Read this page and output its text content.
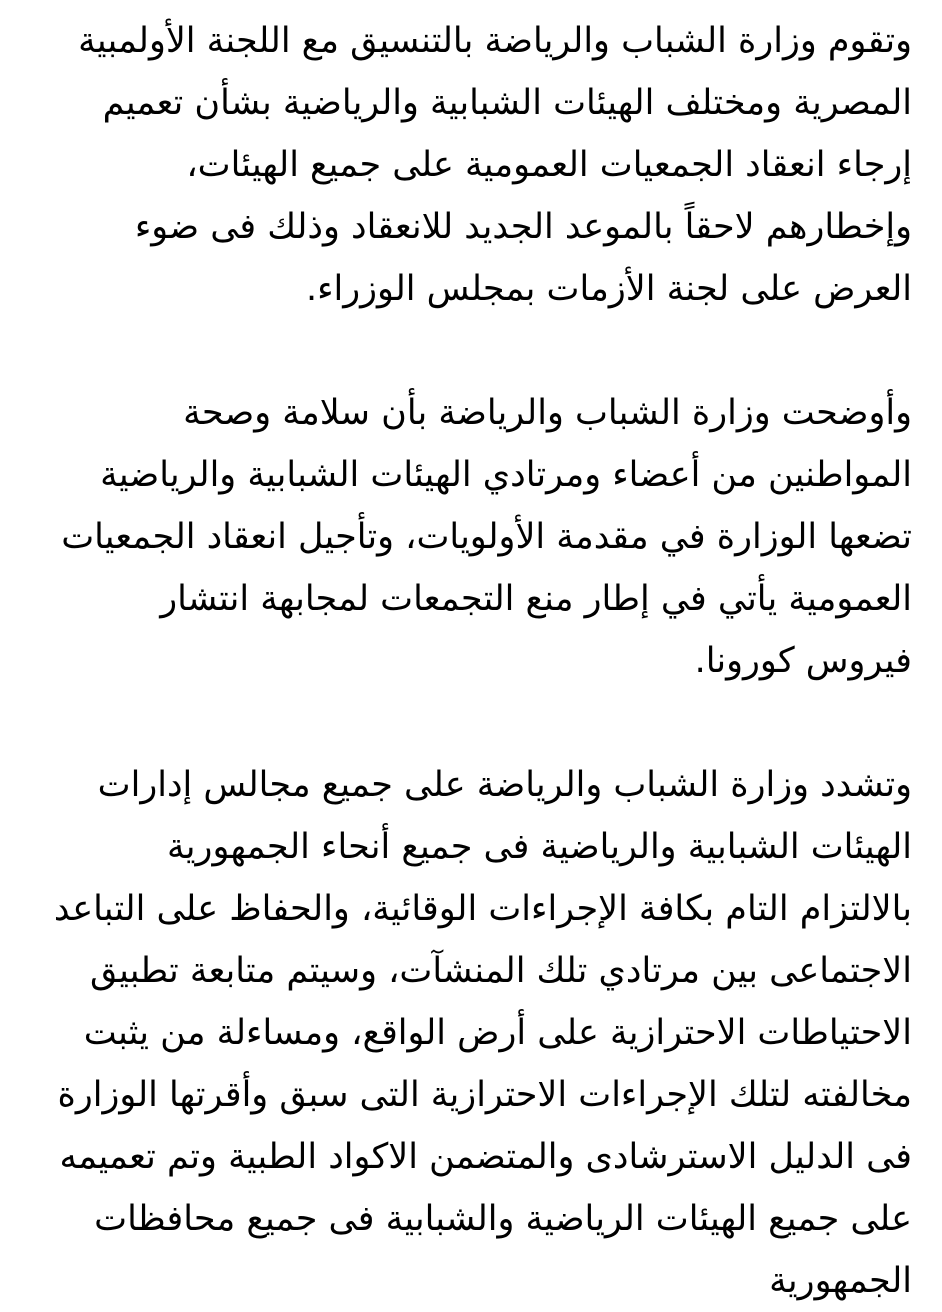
وتقوم وزارة الشباب والرياضة بالتنسيق مع اللجنة الأولمبية
المصرية ومختلف الهيئات الشبابية والرياضية بشأن تعميم
إرجاء انعقاد الجمعيات العمومية على جميع الهيئات،
وإخطارهم لاحقاً بالموعد الجديد للانعقاد وذلك فى ضوء
العرض على لجنة الأزمات بمجلس الوزراء.
وأوضحت وزارة الشباب والرياضة بأن سلامة وصحة
المواطنين من أعضاء ومرتادي الهيئات الشبابية والرياضية
تضعها الوزارة في مقدمة الأولويات، وتأجيل انعقاد الجمعيات
العمومية يأتي في إطار منع التجمعات لمجابهة انتشار
فيروس كورونا.
وتشدد وزارة الشباب والرياضة على جميع مجالس إدارات
الهيئات الشبابية والرياضية فى جميع أنحاء الجمهورية
بالالتزام التام بكافة الإجراءات الوقائية، والحفاظ على التباعد
الاجتماعى بين مرتادي تلك المنشآت، وسيتم متابعة تطبيق
الاحتياطات الاحترازية على أرض الواقع، ومساءلة من يثبت
مخالفته لتلك الإجراءات الاحترازية التى سبق وأقرتها الوزارة
فى الدليل الاسترشادى والمتضمن الاكواد الطبية وتم تعميمه
على جميع الهيئات الرياضية والشبابية فى جميع محافظات
الجمهورية
